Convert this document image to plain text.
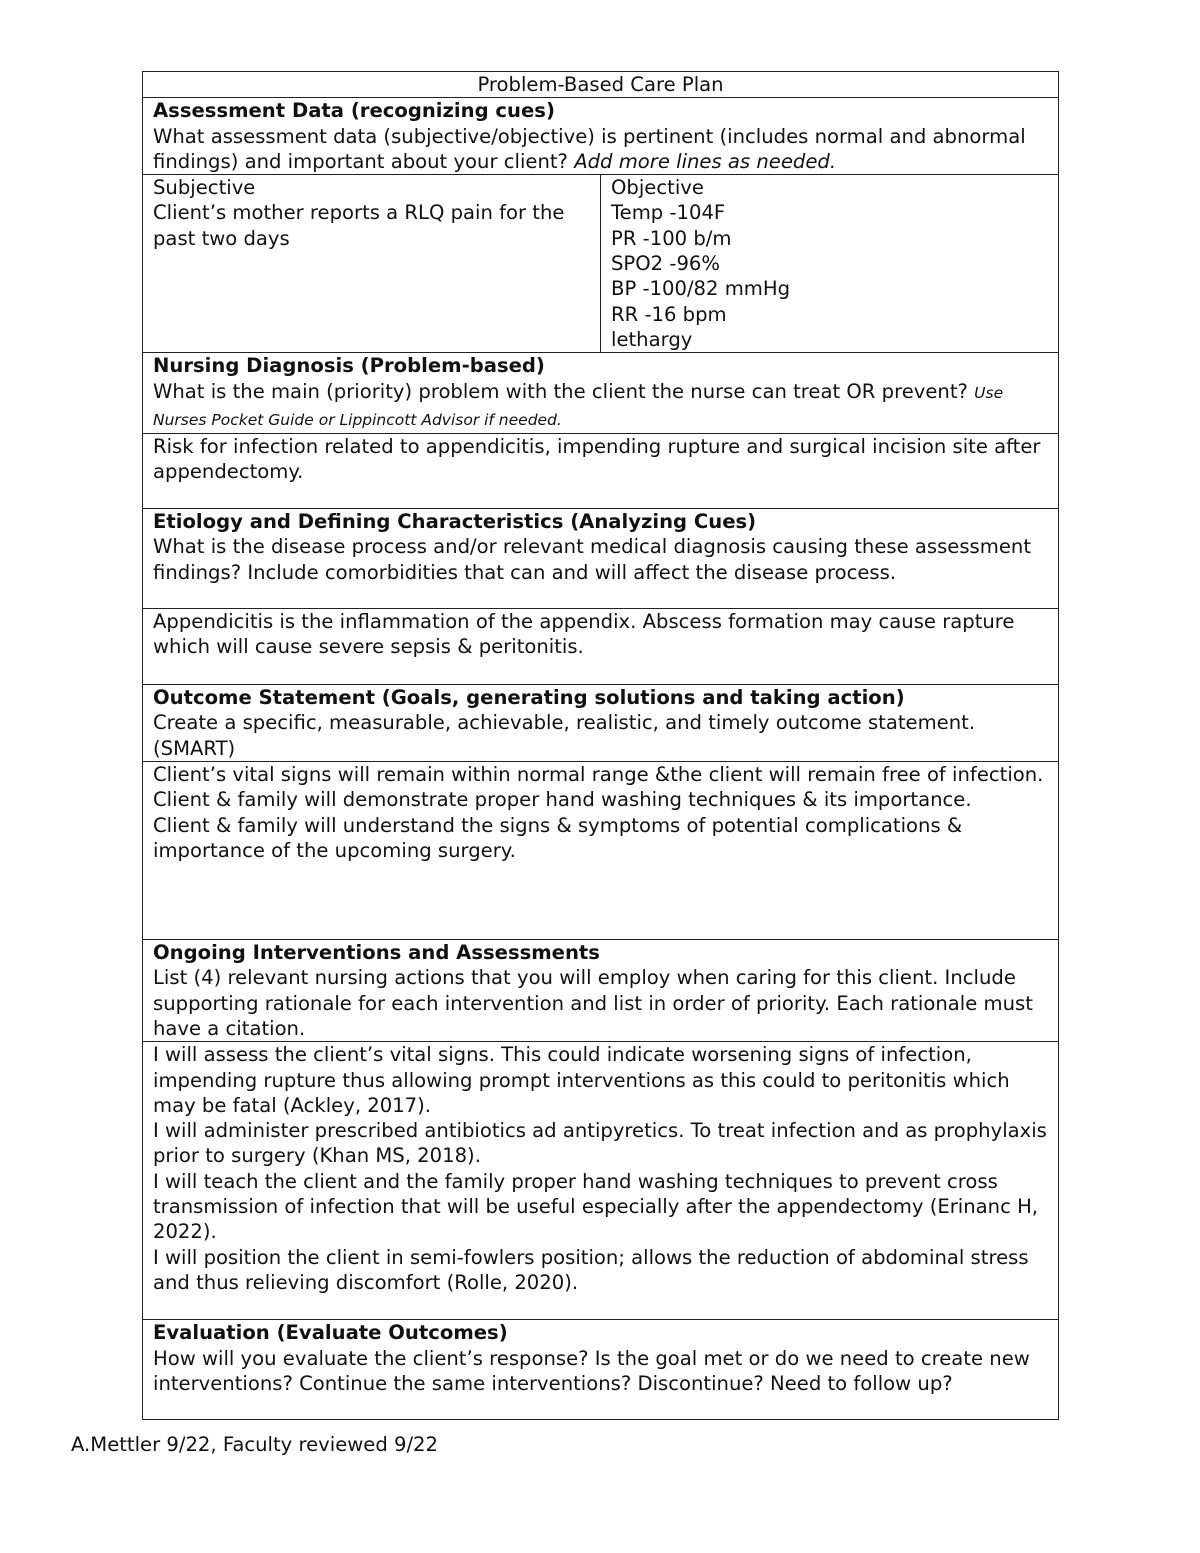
Problem-Based Care Plan

Assessment Data (recognizing cues)
What assessment data (subjective/objective) is pertinent (includes normal and abnormal findings) and important about your client? Add more lines as needed.

Subjective
Client’s mother reports a RLQ pain for the past two days

Objective
Temp -104F
PR -100 b/m
SPO2 -96%
BP -100/82 mmHg
RR -16 bpm
lethargy

Nursing Diagnosis (Problem-based)
What is the main (priority) problem with the client the nurse can treat OR prevent? Use Nurses Pocket Guide or Lippincott Advisor if needed.
Risk for infection related to appendicitis, impending rupture and surgical incision site after appendectomy.

Etiology and Defining Characteristics (Analyzing Cues)
What is the disease process and/or relevant medical diagnosis causing these assessment findings? Include comorbidities that can and will affect the disease process.

Appendicitis is the inflammation of the appendix. Abscess formation may cause rapture which will cause severe sepsis & peritonitis.

Outcome Statement (Goals, generating solutions and taking action)
Create a specific, measurable, achievable, realistic, and timely outcome statement. (SMART)

Client’s vital signs will remain within normal range &the client will remain free of infection.
Client & family will demonstrate proper hand washing techniques & its importance.
Client & family will understand the signs & symptoms of potential complications & importance of the upcoming surgery.

Ongoing Interventions and Assessments
List (4) relevant nursing actions that you will employ when caring for this client. Include supporting rationale for each intervention and list in order of priority. Each rationale must have a citation.

I will assess the client’s vital signs. This could indicate worsening signs of infection, impending rupture thus allowing prompt interventions as this could to peritonitis which may be fatal (Ackley, 2017).
I will administer prescribed antibiotics ad antipyretics. To treat infection and as prophylaxis prior to surgery (Khan MS, 2018).
I will teach the client and the family proper hand washing techniques to prevent cross transmission of infection that will be useful especially after the appendectomy (Erinanc H, 2022).
I will position the client in semi-fowlers position; allows the reduction of abdominal stress and thus relieving discomfort (Rolle, 2020).

Evaluation (Evaluate Outcomes)
How will you evaluate the client’s response? Is the goal met or do we need to create new interventions? Continue the same interventions? Discontinue? Need to follow up?
A.Mettler 9/22, Faculty reviewed 9/22
